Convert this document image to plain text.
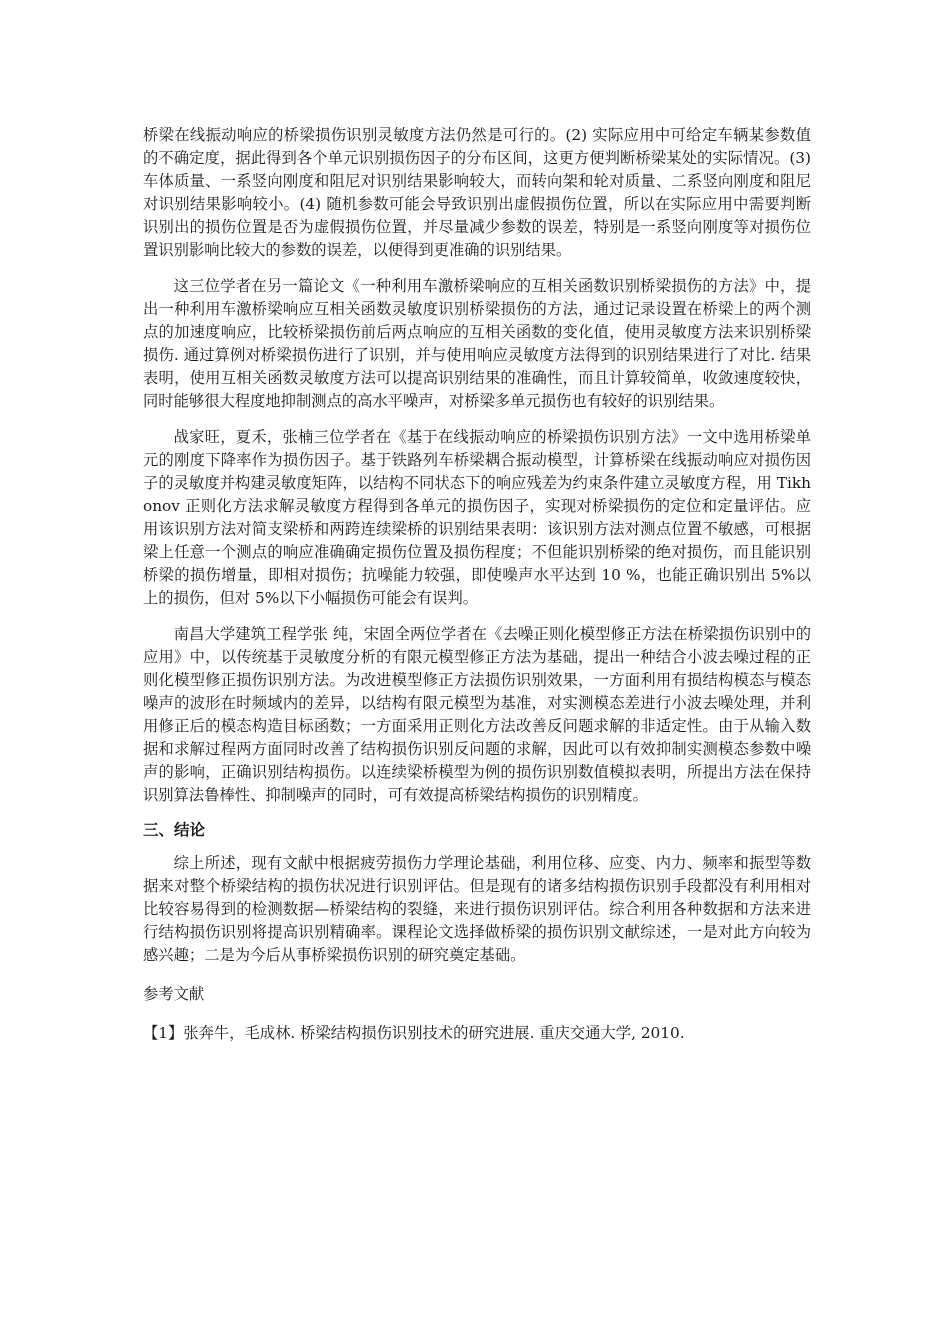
桥梁在线振动响应的桥梁损伤识别灵敏度方法仍然是可行的。(2) 实际应用中可给定车辆某参数值的不确定度，据此得到各个单元识别损伤因子的分布区间，这更方便判断桥梁某处的实际情况。(3) 车体质量、一系竖向刚度和阻尼对识别结果影响较大，而转向架和轮对质量、二系竖向刚度和阻尼对识别结果影响较小。(4) 随机参数可能会导致识别出虚假损伤位置，所以在实际应用中需要判断识别出的损伤位置是否为虚假损伤位置，并尽量减少参数的误差，特别是一系竖向刚度等对损伤位置识别影响比较大的参数的误差，以便得到更准确的识别结果。

这三位学者在另一篇论文《一种利用车激桥梁响应的互相关函数识别桥梁损伤的方法》中，提出一种利用车激桥梁响应互相关函数灵敏度识别桥梁损伤的方法，通过记录设置在桥梁上的两个测点的加速度响应，比较桥梁损伤前后两点响应的互相关函数的变化值，使用灵敏度方法来识别桥梁损伤. 通过算例对桥梁损伤进行了识别，并与使用响应灵敏度方法得到的识别结果进行了对比. 结果表明，使用互相关函数灵敏度方法可以提高识别结果的准确性，而且计算较简单，收敛速度较快，同时能够很大程度地抑制测点的高水平噪声，对桥梁多单元损伤也有较好的识别结果。

战家旺，夏禾，张楠三位学者在《基于在线振动响应的桥梁损伤识别方法》一文中选用桥梁单元的刚度下降率作为损伤因子。基于铁路列车桥梁耦合振动模型，计算桥梁在线振动响应对损伤因子的灵敏度并构建灵敏度矩阵，以结构不同状态下的响应残差为约束条件建立灵敏度方程，用 Tikhonov 正则化方法求解灵敏度方程得到各单元的损伤因子，实现对桥梁损伤的定位和定量评估。应用该识别方法对简支梁桥和两跨连续梁桥的识别结果表明：该识别方法对测点位置不敏感，可根据梁上任意一个测点的响应准确确定损伤位置及损伤程度；不但能识别桥梁的绝对损伤，而且能识别桥梁的损伤增量，即相对损伤；抗噪能力较强，即使噪声水平达到 10 %，也能正确识别出 5%以上的损伤，但对 5%以下小幅损伤可能会有误判。

南昌大学建筑工程学张 纯，宋固全两位学者在《去噪正则化模型修正方法在桥梁损伤识别中的应用》中，以传统基于灵敏度分析的有限元模型修正方法为基础，提出一种结合小波去噪过程的正则化模型修正损伤识别方法。为改进模型修正方法损伤识别效果，一方面利用有损结构模态与模态噪声的波形在时频域内的差异，以结构有限元模型为基准，对实测模态差进行小波去噪处理，并利用修正后的模态构造目标函数；一方面采用正则化方法改善反问题求解的非适定性。由于从输入数据和求解过程两方面同时改善了结构损伤识别反问题的求解，因此可以有效抑制实测模态参数中噪声的影响，正确识别结构损伤。以连续梁桥模型为例的损伤识别数值模拟表明，所提出方法在保持识别算法鲁棒性、抑制噪声的同时，可有效提高桥梁结构损伤的识别精度。

三、结论

综上所述，现有文献中根据疲劳损伤力学理论基础，利用位移、应变、内力、频率和振型等数据来对整个桥梁结构的损伤状况进行识别评估。但是现有的诸多结构损伤识别手段都没有利用相对比较容易得到的检测数据—桥梁结构的裂缝，来进行损伤识别评估。综合利用各种数据和方法来进行结构损伤识别将提高识别精确率。课程论文选择做桥梁的损伤识别文献综述，一是对此方向较为感兴趣；二是为今后从事桥梁损伤识别的研究奠定基础。

参考文献

【1】张奔牛，毛成林. 桥梁结构损伤识别技术的研究进展. 重庆交通大学, 2010.
